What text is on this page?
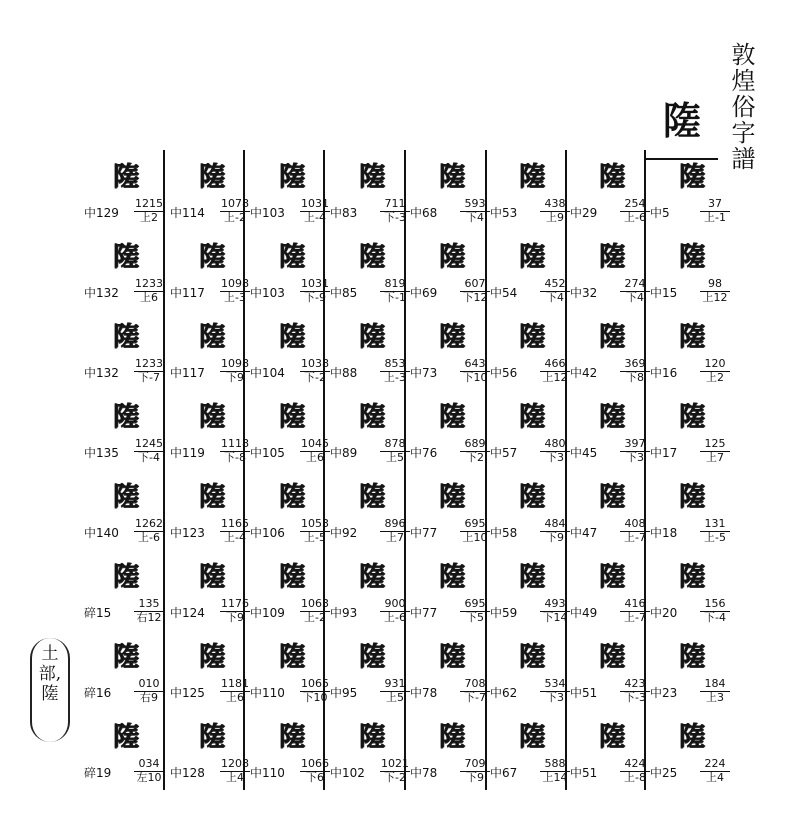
敦煌俗字譜
隓
隓
中5
37
上-1
隓
中15
98
上12
隓
中16
120
上2
隓
中17
125
上7
隓
中18
131
上-5
隓
中20
156
下-4
隓
中23
184
上3
隓
中25
224
上4
隓
中29
254
上-6
隓
中32
274
下4
隓
中42
369
下8
隓
中45
397
下3
隓
中47
408
上-7
隓
中49
416
上-7
隓
中51
423
下-3
隓
中51
424
上-8
隓
中53
438
上9
隓
中54
452
下4
隓
中56
466
上12
隓
中57
480
下3
隓
中58
484
下9
隓
中59
493
下14
隓
中62
534
下3
隓
中67
588
上14
隓
中68
593
下4
隓
中69
607
下12
隓
中73
643
下10
隓
中76
689
下2
隓
中77
695
上10
隓
中77
695
下5
隓
中78
708
下-7
隓
中78
709
下9
隓
中83
711
下-3
隓
中85
819
下-1
隓
中88
853
上-3
隓
中89
878
上5
隓
中92
896
上7
隓
中93
900
上-6
隓
中95
931
上5
隓
中102
1021
下-2
隓
中103
1031
上-4
隓
中103
1031
下-9
隓
中104
1038
下-2
隓
中105
1045
上6
隓
中106
1053
上-5
隓
中109
1063
上-2
隓
中110
1065
下10
隓
中110
1066
下6
隓
中114
1078
上-2
隓
中117
1098
上-3
隓
中117
1098
下9
隓
中119
1118
下-8
隓
中123
1165
上-4
隓
中124
1176
下9
隓
中125
1181
上6
隓
中128
1208
上4
隓
中129
1215
上2
隓
中132
1233
上6
隓
中132
1233
下-7
隓
中135
1245
下-4
隓
中140
1262
上-6
隓
碎15
135
右12
隓
碎16
010
右9
隓
碎19
034
左10
土
部,
隓
